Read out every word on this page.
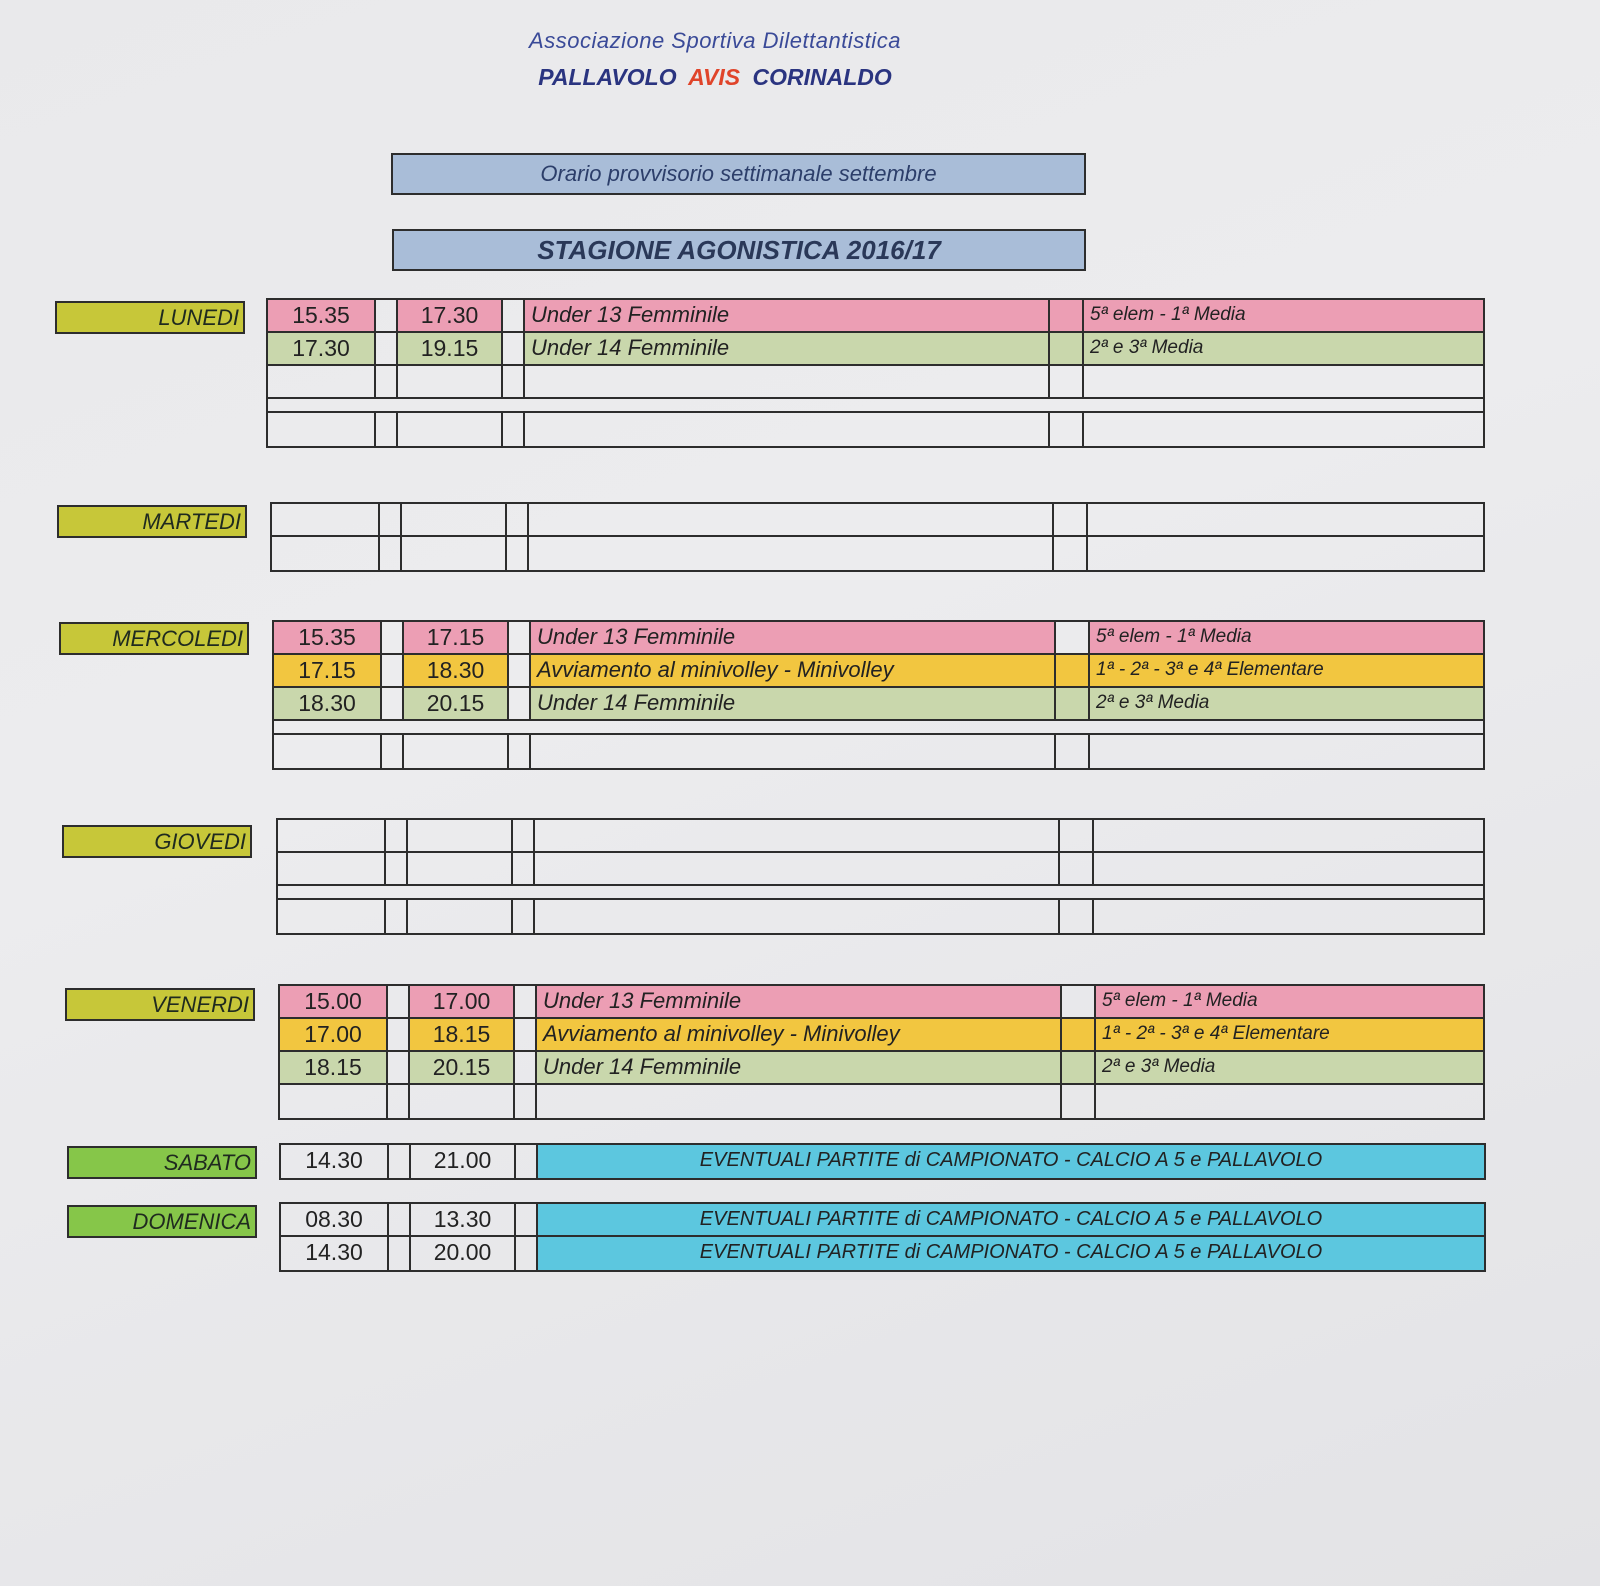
Associazione Sportiva Dilettantistica
PALLAVOLO AVIS CORINALDO
Orario provvisorio settimanale settembre
STAGIONE AGONISTICA 2016/17
LUNEDI	15.35	17.30	Under 13 Femminile	5ª elem - 1ª Media
17.30	19.15	Under 14 Femminile	2ª e 3ª Media
MARTEDI
MERCOLEDI	15.35	17.15	Under 13 Femminile	5ª elem - 1ª Media
17.15	18.30	Avviamento al minivolley - Minivolley	1ª - 2ª - 3ª e 4ª Elementare
18.30	20.15	Under 14 Femminile	2ª e 3ª Media
GIOVEDI
VENERDI	15.00	17.00	Under 13 Femminile	5ª elem - 1ª Media
17.00	18.15	Avviamento al minivolley - Minivolley	1ª - 2ª - 3ª e 4ª Elementare
18.15	20.15	Under 14 Femminile	2ª e 3ª Media
SABATO	14.30	21.00	EVENTUALI PARTITE di CAMPIONATO - CALCIO A 5 e PALLAVOLO
DOMENICA	08.30	13.30	EVENTUALI PARTITE di CAMPIONATO - CALCIO A 5 e PALLAVOLO
14.30	20.00	EVENTUALI PARTITE di CAMPIONATO - CALCIO A 5 e PALLAVOLO
